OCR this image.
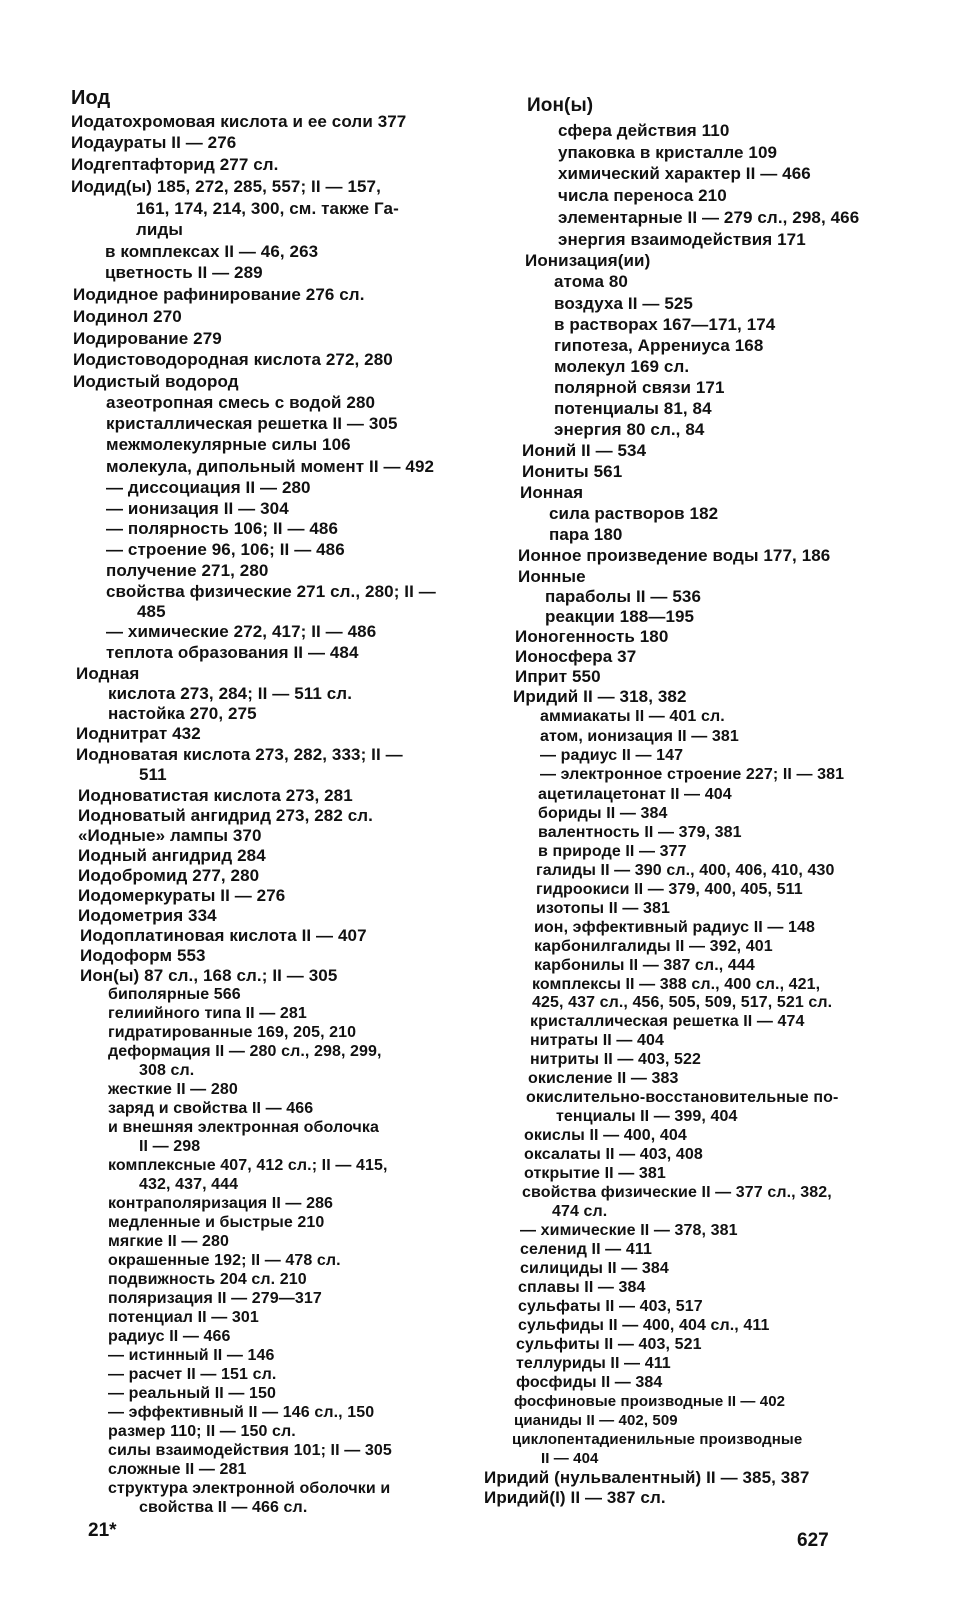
Иод
Иодатохромовая кислота и ее соли 377
Иодаураты II — 276
Иодгептафторид 277 сл.
Иодид(ы) 185, 272, 285, 557; II — 157,
161, 174, 214, 300, см. также Га-
лиды
в комплексах II — 46, 263
цветность II — 289
Иодидное рафинирование 276 сл.
Иодинол 270
Иодирование 279
Иодистоводородная кислота 272, 280
Иодистый водород
азеотропная смесь с водой 280
кристаллическая решетка II — 305
межмолекулярные силы 106
молекула, дипольный момент II — 492
— диссоциация II — 280
— ионизация II — 304
— полярность 106; II — 486
— строение 96, 106; II — 486
получение 271, 280
свойства физические 271 сл., 280; II —
485
— химические 272, 417; II — 486
теплота образования II — 484
Иодная
кислота 273, 284; II — 511 сл.
настойка 270, 275
Иоднитрат 432
Иодноватая кислота 273, 282, 333; II —
511
Иодноватистая кислота 273, 281
Иодноватый ангидрид 273, 282 сл.
«Иодные» лампы 370
Иодный ангидрид 284
Иодобромид 277, 280
Иодомеркураты II — 276
Иодометрия 334
Иодоплатиновая кислота II — 407
Иодоформ 553
Ион(ы) 87 сл., 168 сл.; II — 305
биполярные 566
гелиийного типа II — 281
гидратированные 169, 205, 210
деформация II — 280 сл., 298, 299,
308 сл.
жесткие II — 280
заряд и свойства II — 466
и внешняя электронная оболочка
II — 298
комплексные 407, 412 сл.; II — 415,
432, 437, 444
контраполяризация II — 286
медленные и быстрые 210
мягкие II — 280
окрашенные 192; II — 478 сл.
подвижность 204 сл. 210
поляризация II — 279—317
потенциал II — 301
радиус II — 466
— истинный II — 146
— расчет II — 151 сл.
— реальный II — 150
— эффективный II — 146 сл., 150
размер 110; II — 150 сл.
силы взаимодействия 101; II — 305
сложные II — 281
структура электронной оболочки и
свойства II — 466 сл.
Ион(ы)
сфера действия 110
упаковка в кристалле 109
химический характер II — 466
числа переноса 210
элементарные II — 279 сл., 298, 466
энергия взаимодействия 171
Ионизация(ии)
атома 80
воздуха II — 525
в растворах 167—171, 174
гипотеза, Аррениуса 168
молекул 169 сл.
полярной связи 171
потенциалы 81, 84
энергия 80 сл., 84
Ионий II — 534
Иониты 561
Ионная
сила растворов 182
пара 180
Ионное произведение воды 177, 186
Ионные
параболы II — 536
реакции 188—195
Ионогенность 180
Ионосфера 37
Иприт 550
Иридий II — 318, 382
аммиакаты II — 401 сл.
атом, ионизация II — 381
— радиус II — 147
— электронное строение 227; II — 381
ацетилацетонат II — 404
бориды II — 384
валентность II — 379, 381
в природе II — 377
галиды II — 390 сл., 400, 406, 410, 430
гидроокиси II — 379, 400, 405, 511
изотопы II — 381
ион, эффективный радиус II — 148
карбонилгалиды II — 392, 401
карбонилы II — 387 сл., 444
комплексы II — 388 сл., 400 сл., 421,
425, 437 сл., 456, 505, 509, 517, 521 сл.
кристаллическая решетка II — 474
нитраты II — 404
нитриты II — 403, 522
окисление II — 383
окислительно-восстановительные по-
тенциалы II — 399, 404
окислы II — 400, 404
оксалаты II — 403, 408
открытие II — 381
свойства физические II — 377 сл., 382,
474 сл.
— химические II — 378, 381
селенид II — 411
силициды II — 384
сплавы II — 384
сульфаты II — 403, 517
сульфиды II — 400, 404 сл., 411
сульфиты II — 403, 521
теллуриды II — 411
фосфиды II — 384
фосфиновые производные II — 402
цианиды II — 402, 509
циклопентадиенильные производные
II — 404
Иридий (нульвалентный) II — 385, 387
Иридий(I) II — 387 сл.
21*	627
